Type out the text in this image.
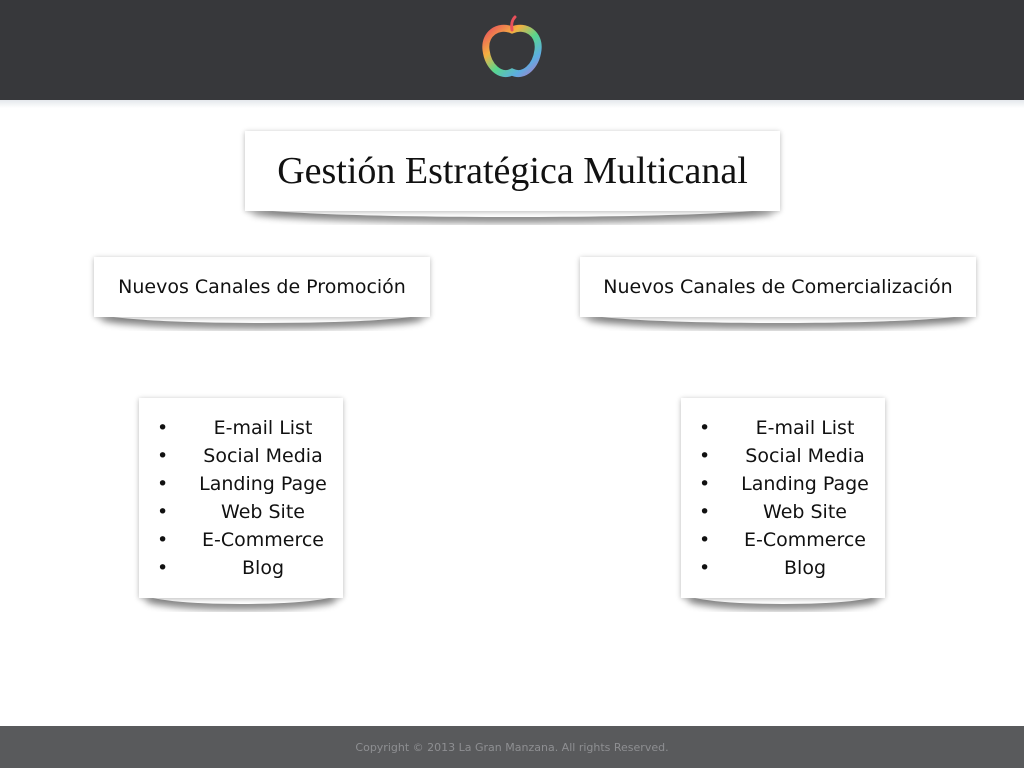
Gestión Estratégica Multicanal
Nuevos Canales de Promoción	Nuevos Canales de Comercialización
•	E-mail List
•	Social Media
•	Landing Page
•	Web Site
•	E-Commerce
•	Blog
•	E-mail List
•	Social Media
•	Landing Page
•	Web Site
•	E-Commerce
•	Blog
Copyright © 2013 La Gran Manzana. All rights Reserved.
